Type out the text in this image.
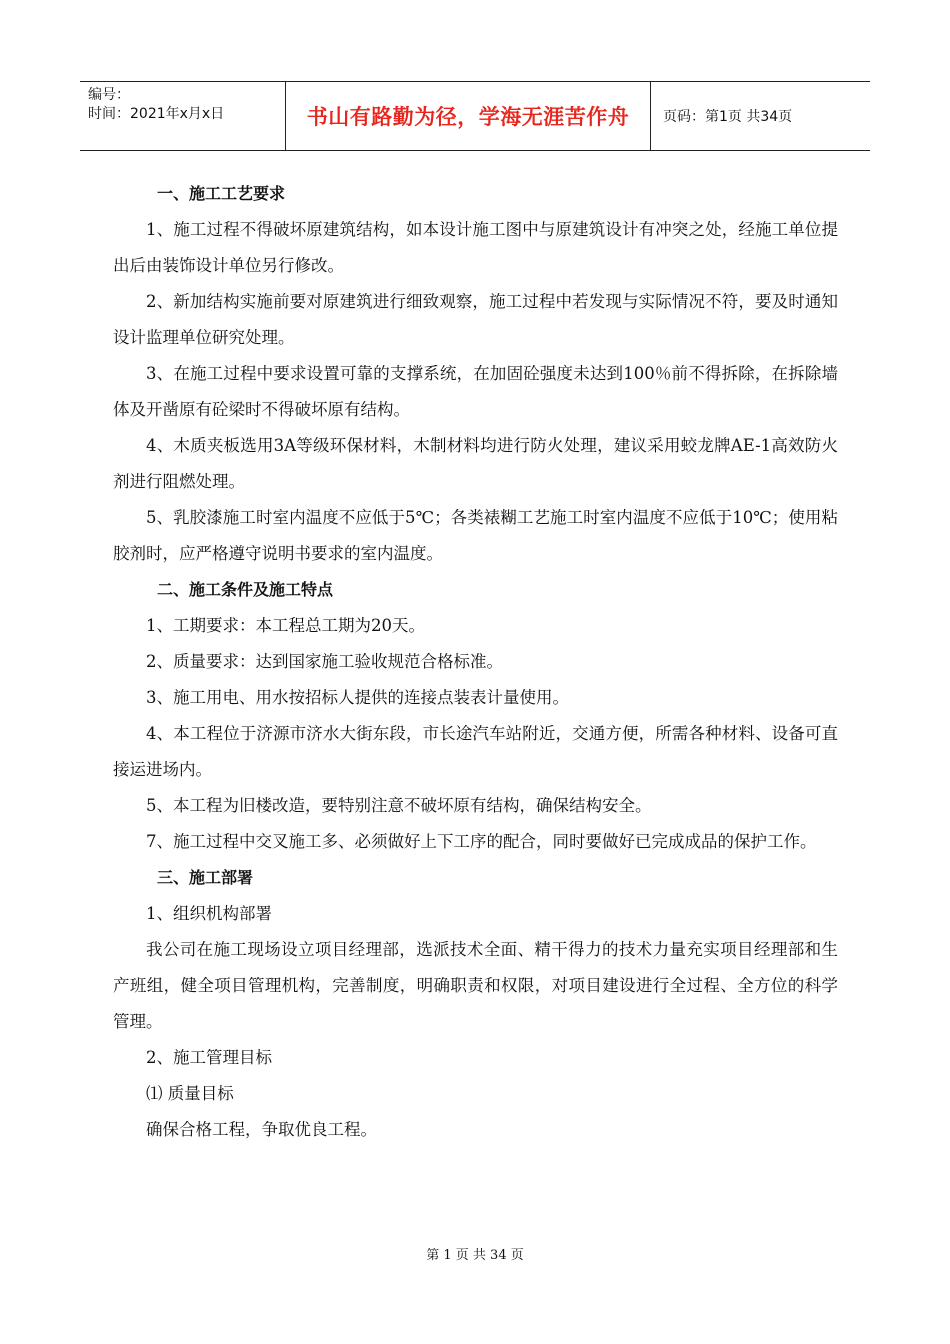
编号：
时间：2021年x月x日	书山有路勤为径，学海无涯苦作舟	页码：第1页 共34页
一、施工工艺要求

1、施工过程不得破坏原建筑结构，如本设计施工图中与原建筑设计有冲突之处，经施工单位提出后由装饰设计单位另行修改。

2、新加结构实施前要对原建筑进行细致观察，施工过程中若发现与实际情况不符，要及时通知设计监理单位研究处理。

3、在施工过程中要求设置可靠的支撑系统，在加固砼强度未达到100％前不得拆除，在拆除墙体及开凿原有砼梁时不得破坏原有结构。

4、木质夹板选用3A等级环保材料，木制材料均进行防火处理，建议采用蛟龙牌AE-1高效防火剂进行阻燃处理。

5、乳胶漆施工时室内温度不应低于5℃；各类裱糊工艺施工时室内温度不应低于10℃；使用粘胶剂时，应严格遵守说明书要求的室内温度。

二、施工条件及施工特点

1、工期要求：本工程总工期为20天。

2、质量要求：达到国家施工验收规范合格标准。

3、施工用电、用水按招标人提供的连接点装表计量使用。

4、本工程位于济源市济水大街东段，市长途汽车站附近，交通方便，所需各种材料、设备可直接运进场内。

5、本工程为旧楼改造，要特别注意不破坏原有结构，确保结构安全。

7、施工过程中交叉施工多、必须做好上下工序的配合，同时要做好已完成成品的保护工作。

三、施工部署

1、组织机构部署

我公司在施工现场设立项目经理部，选派技术全面、精干得力的技术力量充实项目经理部和生产班组，健全项目管理机构，完善制度，明确职责和权限，对项目建设进行全过程、全方位的科学管理。

2、施工管理目标

⑴ 质量目标

确保合格工程，争取优良工程。

第 1 页 共 34 页
